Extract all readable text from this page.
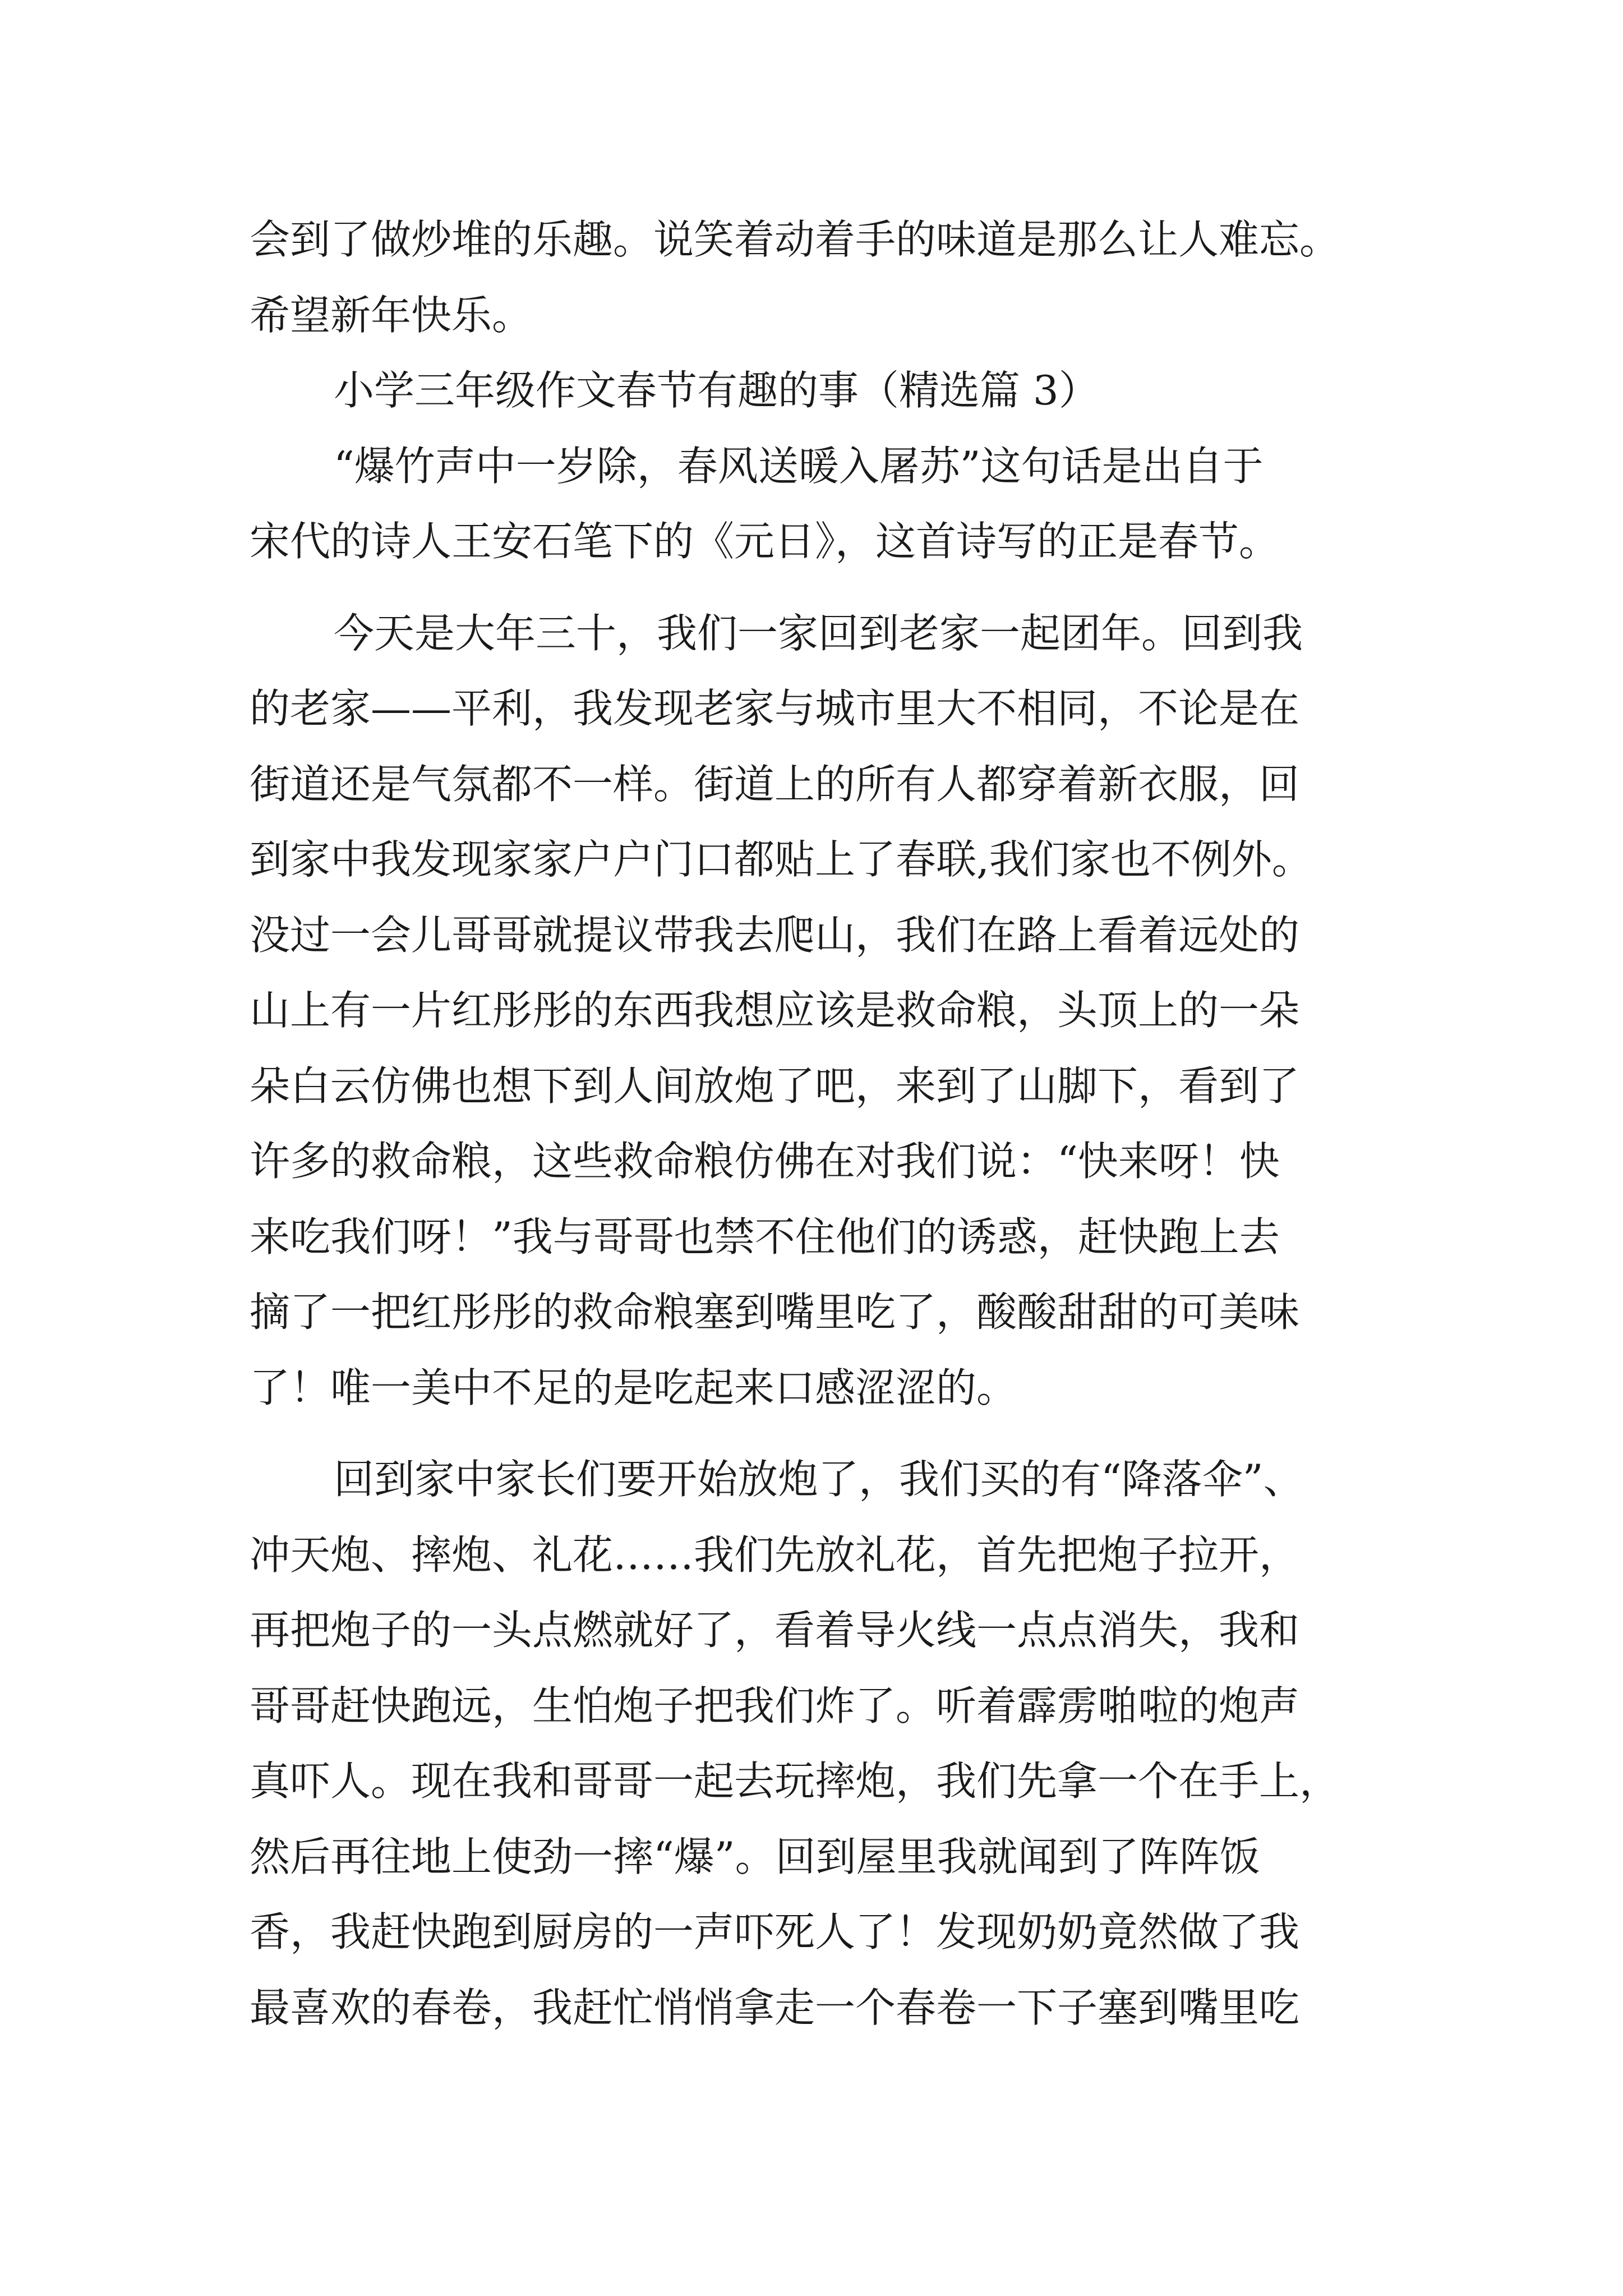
会到了做炒堆的乐趣。说笑着动着手的味道是那么让人难忘。
希望新年快乐。
小学三年级作文春节有趣的事（精选篇 3）
“爆竹声中一岁除，春风送暖入屠苏”这句话是出自于
宋代的诗人王安石笔下的《元日》，这首诗写的正是春节。
今天是大年三十，我们一家回到老家一起团年。回到我
的老家——平利，我发现老家与城市里大不相同，不论是在
街道还是气氛都不一样。街道上的所有人都穿着新衣服，回
到家中我发现家家户户门口都贴上了春联,我们家也不例外。
没过一会儿哥哥就提议带我去爬山，我们在路上看着远处的
山上有一片红彤彤的东西我想应该是救命粮，头顶上的一朵
朵白云仿佛也想下到人间放炮了吧，来到了山脚下，看到了
许多的救命粮，这些救命粮仿佛在对我们说：“快来呀！快
来吃我们呀！”我与哥哥也禁不住他们的诱惑，赶快跑上去
摘了一把红彤彤的救命粮塞到嘴里吃了，酸酸甜甜的可美味
了！唯一美中不足的是吃起来口感涩涩的。
回到家中家长们要开始放炮了，我们买的有“降落伞”、
冲天炮、摔炮、礼花……我们先放礼花，首先把炮子拉开，
再把炮子的一头点燃就好了，看着导火线一点点消失，我和
哥哥赶快跑远，生怕炮子把我们炸了。听着霹雳啪啦的炮声
真吓人。现在我和哥哥一起去玩摔炮，我们先拿一个在手上，
然后再往地上使劲一摔“爆”。回到屋里我就闻到了阵阵饭
香，我赶快跑到厨房的一声吓死人了！发现奶奶竟然做了我
最喜欢的春卷，我赶忙悄悄拿走一个春卷一下子塞到嘴里吃
